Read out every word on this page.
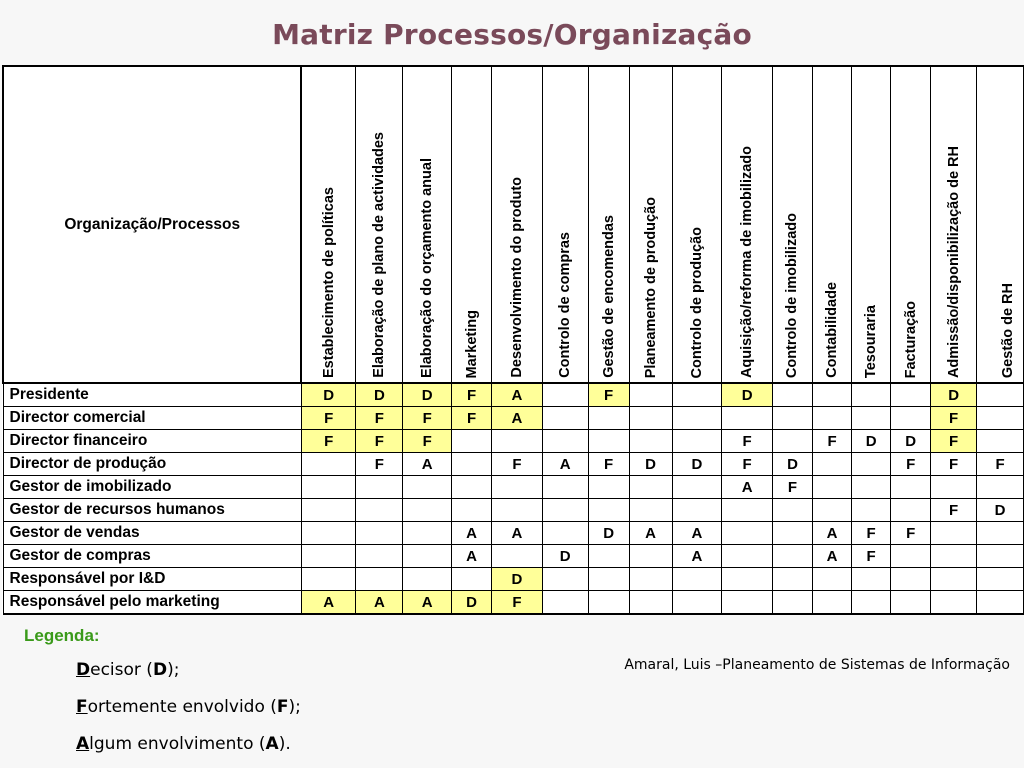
Matriz Processos/Organização
Organização/Processos	Establecimento de políticas	Elaboração de plano de actividades	Elaboração do orçamento anual	Marketing	Desenvolvimento do produto	Controlo de compras	Gestão de encomendas	Planeamento de produção	Controlo de produção	Aquisição/reforma de imobilizado	Controlo de imobilizado	Contabilidade	Tesouraria	Facturação	Admissão/disponibilização de RH	Gestão de RH

Presidente	D	D	D	F	A		F			D					D	
Director comercial	F	F	F	F	A										F	
Director financeiro	F	F	F							F		F	D	D	F	
Director de produção		F	A		F	A	F	D	D	F	D			F	F	F
Gestor de imobilizado										A	F					
Gestor de recursos humanos															F	D
Gestor de vendas				A	A		D	A	A			A	F	F		
Gestor de compras				A		D			A			A	F			
Responsável por I&D					D											
Responsável pelo marketing	A	A	A	D	F											
Legenda:
Decisor (D);
Fortemente envolvido (F);
Algum envolvimento (A).
Amaral, Luis –Planeamento de Sistemas de Informação
